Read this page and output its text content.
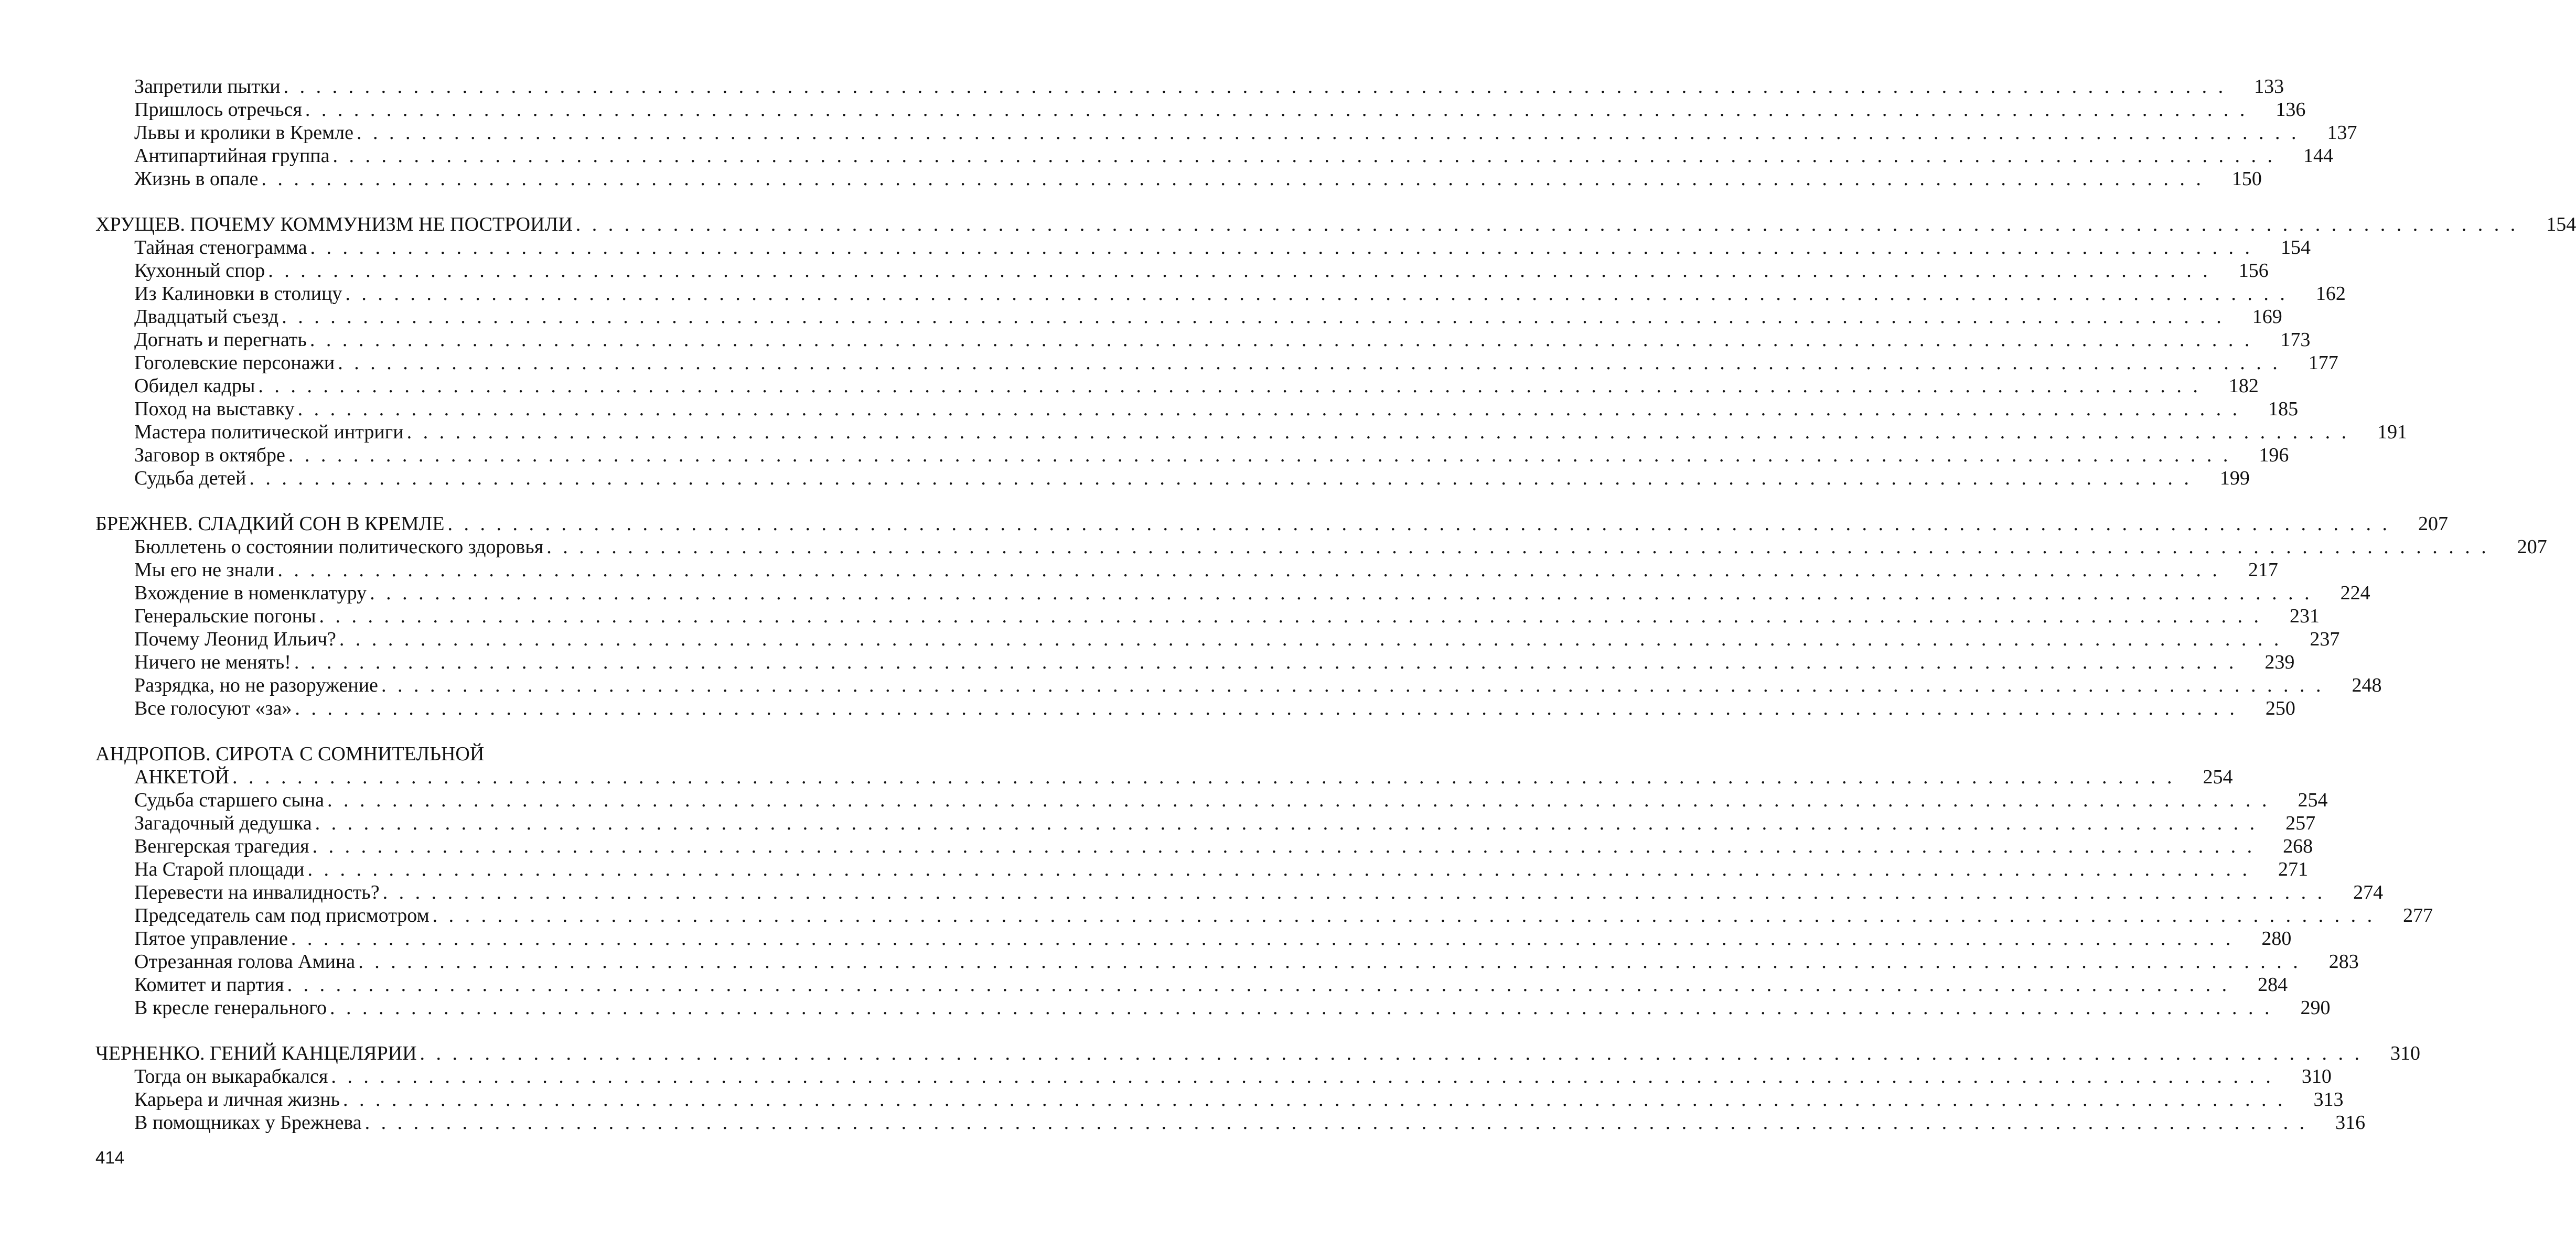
Запретили пытки . . . . . . . . . . . . . . . . . . . . . . . . . . . . . . . . . . . . . . . . . . . . . . . . . . . . . . . . . . . . . . . . . . . . . . . . . . . . . . . . . . . . . . . . . . . . . . . . . . . . . . . . . . . . . . . . . . . . . . . .	133
Пришлось отречься . . . . . . . . . . . . . . . . . . . . . . . . . . . . . . . . . . . . . . . . . . . . . . . . . . . . . . . . . . . . . . . . . . . . . . . . . . . . . . . . . . . . . . . . . . . . . . . . . . . . . . . . . . . . . . . . . . . . . . . .	136
Львы и кролики в Кремле . . . . . . . . . . . . . . . . . . . . . . . . . . . . . . . . . . . . . . . . . . . . . . . . . . . . . . . . . . . . . . . . . . . . . . . . . . . . . . . . . . . . . . . . . . . . . . . . . . . . . . . . . . . . . . . . . . . . . . . .	137
Антипартийная группа . . . . . . . . . . . . . . . . . . . . . . . . . . . . . . . . . . . . . . . . . . . . . . . . . . . . . . . . . . . . . . . . . . . . . . . . . . . . . . . . . . . . . . . . . . . . . . . . . . . . . . . . . . . . . . . . . . . . . . . .	144
Жизнь в опале . . . . . . . . . . . . . . . . . . . . . . . . . . . . . . . . . . . . . . . . . . . . . . . . . . . . . . . . . . . . . . . . . . . . . . . . . . . . . . . . . . . . . . . . . . . . . . . . . . . . . . . . . . . . . . . . . . . . . . . .	150
ХРУЩЕВ. ПОЧЕМУ КОММУНИЗМ НЕ ПОСТРОИЛИ . . . . . . . . . . . . . . . . . . . . . . . . . . . . . . . . . . . . . . . . . . . . . . . . . . . . . . . . . . . . . . . . . . . . . . . . . . . . . . . . . . . . . . . . . . . . . . . . . . . . . . . . . . . . . . . . . . . . . . . .	154
Тайная стенограмма . . . . . . . . . . . . . . . . . . . . . . . . . . . . . . . . . . . . . . . . . . . . . . . . . . . . . . . . . . . . . . . . . . . . . . . . . . . . . . . . . . . . . . . . . . . . . . . . . . . . . . . . . . . . . . . . . . . . . . . .	154
Кухонный спор . . . . . . . . . . . . . . . . . . . . . . . . . . . . . . . . . . . . . . . . . . . . . . . . . . . . . . . . . . . . . . . . . . . . . . . . . . . . . . . . . . . . . . . . . . . . . . . . . . . . . . . . . . . . . . . . . . . . . . . .	156
Из Калиновки в столицу . . . . . . . . . . . . . . . . . . . . . . . . . . . . . . . . . . . . . . . . . . . . . . . . . . . . . . . . . . . . . . . . . . . . . . . . . . . . . . . . . . . . . . . . . . . . . . . . . . . . . . . . . . . . . . . . . . . . . . . .	162
Двадцатый съезд . . . . . . . . . . . . . . . . . . . . . . . . . . . . . . . . . . . . . . . . . . . . . . . . . . . . . . . . . . . . . . . . . . . . . . . . . . . . . . . . . . . . . . . . . . . . . . . . . . . . . . . . . . . . . . . . . . . . . . . .	169
Догнать и перегнать . . . . . . . . . . . . . . . . . . . . . . . . . . . . . . . . . . . . . . . . . . . . . . . . . . . . . . . . . . . . . . . . . . . . . . . . . . . . . . . . . . . . . . . . . . . . . . . . . . . . . . . . . . . . . . . . . . . . . . . .	173
Гоголевские персонажи . . . . . . . . . . . . . . . . . . . . . . . . . . . . . . . . . . . . . . . . . . . . . . . . . . . . . . . . . . . . . . . . . . . . . . . . . . . . . . . . . . . . . . . . . . . . . . . . . . . . . . . . . . . . . . . . . . . . . . . .	177
Обидел кадры . . . . . . . . . . . . . . . . . . . . . . . . . . . . . . . . . . . . . . . . . . . . . . . . . . . . . . . . . . . . . . . . . . . . . . . . . . . . . . . . . . . . . . . . . . . . . . . . . . . . . . . . . . . . . . . . . . . . . . . .	182
Поход на выставку . . . . . . . . . . . . . . . . . . . . . . . . . . . . . . . . . . . . . . . . . . . . . . . . . . . . . . . . . . . . . . . . . . . . . . . . . . . . . . . . . . . . . . . . . . . . . . . . . . . . . . . . . . . . . . . . . . . . . . . .	185
Мастера политической интриги . . . . . . . . . . . . . . . . . . . . . . . . . . . . . . . . . . . . . . . . . . . . . . . . . . . . . . . . . . . . . . . . . . . . . . . . . . . . . . . . . . . . . . . . . . . . . . . . . . . . . . . . . . . . . . . . . . . . . . . .	191
Заговор в октябре . . . . . . . . . . . . . . . . . . . . . . . . . . . . . . . . . . . . . . . . . . . . . . . . . . . . . . . . . . . . . . . . . . . . . . . . . . . . . . . . . . . . . . . . . . . . . . . . . . . . . . . . . . . . . . . . . . . . . . . .	196
Судьба детей . . . . . . . . . . . . . . . . . . . . . . . . . . . . . . . . . . . . . . . . . . . . . . . . . . . . . . . . . . . . . . . . . . . . . . . . . . . . . . . . . . . . . . . . . . . . . . . . . . . . . . . . . . . . . . . . . . . . . . . .	199
БРЕЖНЕВ. СЛАДКИЙ СОН В КРЕМЛЕ . . . . . . . . . . . . . . . . . . . . . . . . . . . . . . . . . . . . . . . . . . . . . . . . . . . . . . . . . . . . . . . . . . . . . . . . . . . . . . . . . . . . . . . . . . . . . . . . . . . . . . . . . . . . . . . . . . . . . . . .	207
Бюллетень о состоянии политического здоровья . . . . . . . . . . . . . . . . . . . . . . . . . . . . . . . . . . . . . . . . . . . . . . . . . . . . . . . . . . . . . . . . . . . . . . . . . . . . . . . . . . . . . . . . . . . . . . . . . . . . . . . . . . . . . . . . . . . . . . . .	207
Мы его не знали . . . . . . . . . . . . . . . . . . . . . . . . . . . . . . . . . . . . . . . . . . . . . . . . . . . . . . . . . . . . . . . . . . . . . . . . . . . . . . . . . . . . . . . . . . . . . . . . . . . . . . . . . . . . . . . . . . . . . . . .	217
Вхождение в номенклатуру . . . . . . . . . . . . . . . . . . . . . . . . . . . . . . . . . . . . . . . . . . . . . . . . . . . . . . . . . . . . . . . . . . . . . . . . . . . . . . . . . . . . . . . . . . . . . . . . . . . . . . . . . . . . . . . . . . . . . . . .	224
Генеральские погоны . . . . . . . . . . . . . . . . . . . . . . . . . . . . . . . . . . . . . . . . . . . . . . . . . . . . . . . . . . . . . . . . . . . . . . . . . . . . . . . . . . . . . . . . . . . . . . . . . . . . . . . . . . . . . . . . . . . . . . . .	231
Почему Леонид Ильич? . . . . . . . . . . . . . . . . . . . . . . . . . . . . . . . . . . . . . . . . . . . . . . . . . . . . . . . . . . . . . . . . . . . . . . . . . . . . . . . . . . . . . . . . . . . . . . . . . . . . . . . . . . . . . . . . . . . . . . . .	237
Ничего не менять! . . . . . . . . . . . . . . . . . . . . . . . . . . . . . . . . . . . . . . . . . . . . . . . . . . . . . . . . . . . . . . . . . . . . . . . . . . . . . . . . . . . . . . . . . . . . . . . . . . . . . . . . . . . . . . . . . . . . . . . .	239
Разрядка, но не разоружение . . . . . . . . . . . . . . . . . . . . . . . . . . . . . . . . . . . . . . . . . . . . . . . . . . . . . . . . . . . . . . . . . . . . . . . . . . . . . . . . . . . . . . . . . . . . . . . . . . . . . . . . . . . . . . . . . . . . . . . .	248
Все голосуют «за» . . . . . . . . . . . . . . . . . . . . . . . . . . . . . . . . . . . . . . . . . . . . . . . . . . . . . . . . . . . . . . . . . . . . . . . . . . . . . . . . . . . . . . . . . . . . . . . . . . . . . . . . . . . . . . . . . . . . . . . .	250
АНДРОПОВ. СИРОТА С СОМНИТЕЛЬНОЙ
АНКЕТОЙ . . . . . . . . . . . . . . . . . . . . . . . . . . . . . . . . . . . . . . . . . . . . . . . . . . . . . . . . . . . . . . . . . . . . . . . . . . . . . . . . . . . . . . . . . . . . . . . . . . . . . . . . . . . . . . . . . . . . . . . .	254
Судьба старшего сына . . . . . . . . . . . . . . . . . . . . . . . . . . . . . . . . . . . . . . . . . . . . . . . . . . . . . . . . . . . . . . . . . . . . . . . . . . . . . . . . . . . . . . . . . . . . . . . . . . . . . . . . . . . . . . . . . . . . . . . .	254
Загадочный дедушка . . . . . . . . . . . . . . . . . . . . . . . . . . . . . . . . . . . . . . . . . . . . . . . . . . . . . . . . . . . . . . . . . . . . . . . . . . . . . . . . . . . . . . . . . . . . . . . . . . . . . . . . . . . . . . . . . . . . . . . .	257
Венгерская трагедия . . . . . . . . . . . . . . . . . . . . . . . . . . . . . . . . . . . . . . . . . . . . . . . . . . . . . . . . . . . . . . . . . . . . . . . . . . . . . . . . . . . . . . . . . . . . . . . . . . . . . . . . . . . . . . . . . . . . . . . .	268
На Старой площади . . . . . . . . . . . . . . . . . . . . . . . . . . . . . . . . . . . . . . . . . . . . . . . . . . . . . . . . . . . . . . . . . . . . . . . . . . . . . . . . . . . . . . . . . . . . . . . . . . . . . . . . . . . . . . . . . . . . . . . .	271
Перевести на инвалидность? . . . . . . . . . . . . . . . . . . . . . . . . . . . . . . . . . . . . . . . . . . . . . . . . . . . . . . . . . . . . . . . . . . . . . . . . . . . . . . . . . . . . . . . . . . . . . . . . . . . . . . . . . . . . . . . . . . . . . . . .	274
Председатель сам под присмотром . . . . . . . . . . . . . . . . . . . . . . . . . . . . . . . . . . . . . . . . . . . . . . . . . . . . . . . . . . . . . . . . . . . . . . . . . . . . . . . . . . . . . . . . . . . . . . . . . . . . . . . . . . . . . . . . . . . . . . . .	277
Пятое управление . . . . . . . . . . . . . . . . . . . . . . . . . . . . . . . . . . . . . . . . . . . . . . . . . . . . . . . . . . . . . . . . . . . . . . . . . . . . . . . . . . . . . . . . . . . . . . . . . . . . . . . . . . . . . . . . . . . . . . . .	280
Отрезанная голова Амина . . . . . . . . . . . . . . . . . . . . . . . . . . . . . . . . . . . . . . . . . . . . . . . . . . . . . . . . . . . . . . . . . . . . . . . . . . . . . . . . . . . . . . . . . . . . . . . . . . . . . . . . . . . . . . . . . . . . . . . .	283
Комитет и партия . . . . . . . . . . . . . . . . . . . . . . . . . . . . . . . . . . . . . . . . . . . . . . . . . . . . . . . . . . . . . . . . . . . . . . . . . . . . . . . . . . . . . . . . . . . . . . . . . . . . . . . . . . . . . . . . . . . . . . . .	284
В кресле генерального . . . . . . . . . . . . . . . . . . . . . . . . . . . . . . . . . . . . . . . . . . . . . . . . . . . . . . . . . . . . . . . . . . . . . . . . . . . . . . . . . . . . . . . . . . . . . . . . . . . . . . . . . . . . . . . . . . . . . . . .	290
ЧЕРНЕНКО. ГЕНИЙ КАНЦЕЛЯРИИ . . . . . . . . . . . . . . . . . . . . . . . . . . . . . . . . . . . . . . . . . . . . . . . . . . . . . . . . . . . . . . . . . . . . . . . . . . . . . . . . . . . . . . . . . . . . . . . . . . . . . . . . . . . . . . . . . . . . . . . .	310
Тогда он выкарабкался . . . . . . . . . . . . . . . . . . . . . . . . . . . . . . . . . . . . . . . . . . . . . . . . . . . . . . . . . . . . . . . . . . . . . . . . . . . . . . . . . . . . . . . . . . . . . . . . . . . . . . . . . . . . . . . . . . . . . . . .	310
Карьера и личная жизнь . . . . . . . . . . . . . . . . . . . . . . . . . . . . . . . . . . . . . . . . . . . . . . . . . . . . . . . . . . . . . . . . . . . . . . . . . . . . . . . . . . . . . . . . . . . . . . . . . . . . . . . . . . . . . . . . . . . . . . . .	313
В помощниках у Брежнева . . . . . . . . . . . . . . . . . . . . . . . . . . . . . . . . . . . . . . . . . . . . . . . . . . . . . . . . . . . . . . . . . . . . . . . . . . . . . . . . . . . . . . . . . . . . . . . . . . . . . . . . . . . . . . . . . . . . . . . .	316
414
